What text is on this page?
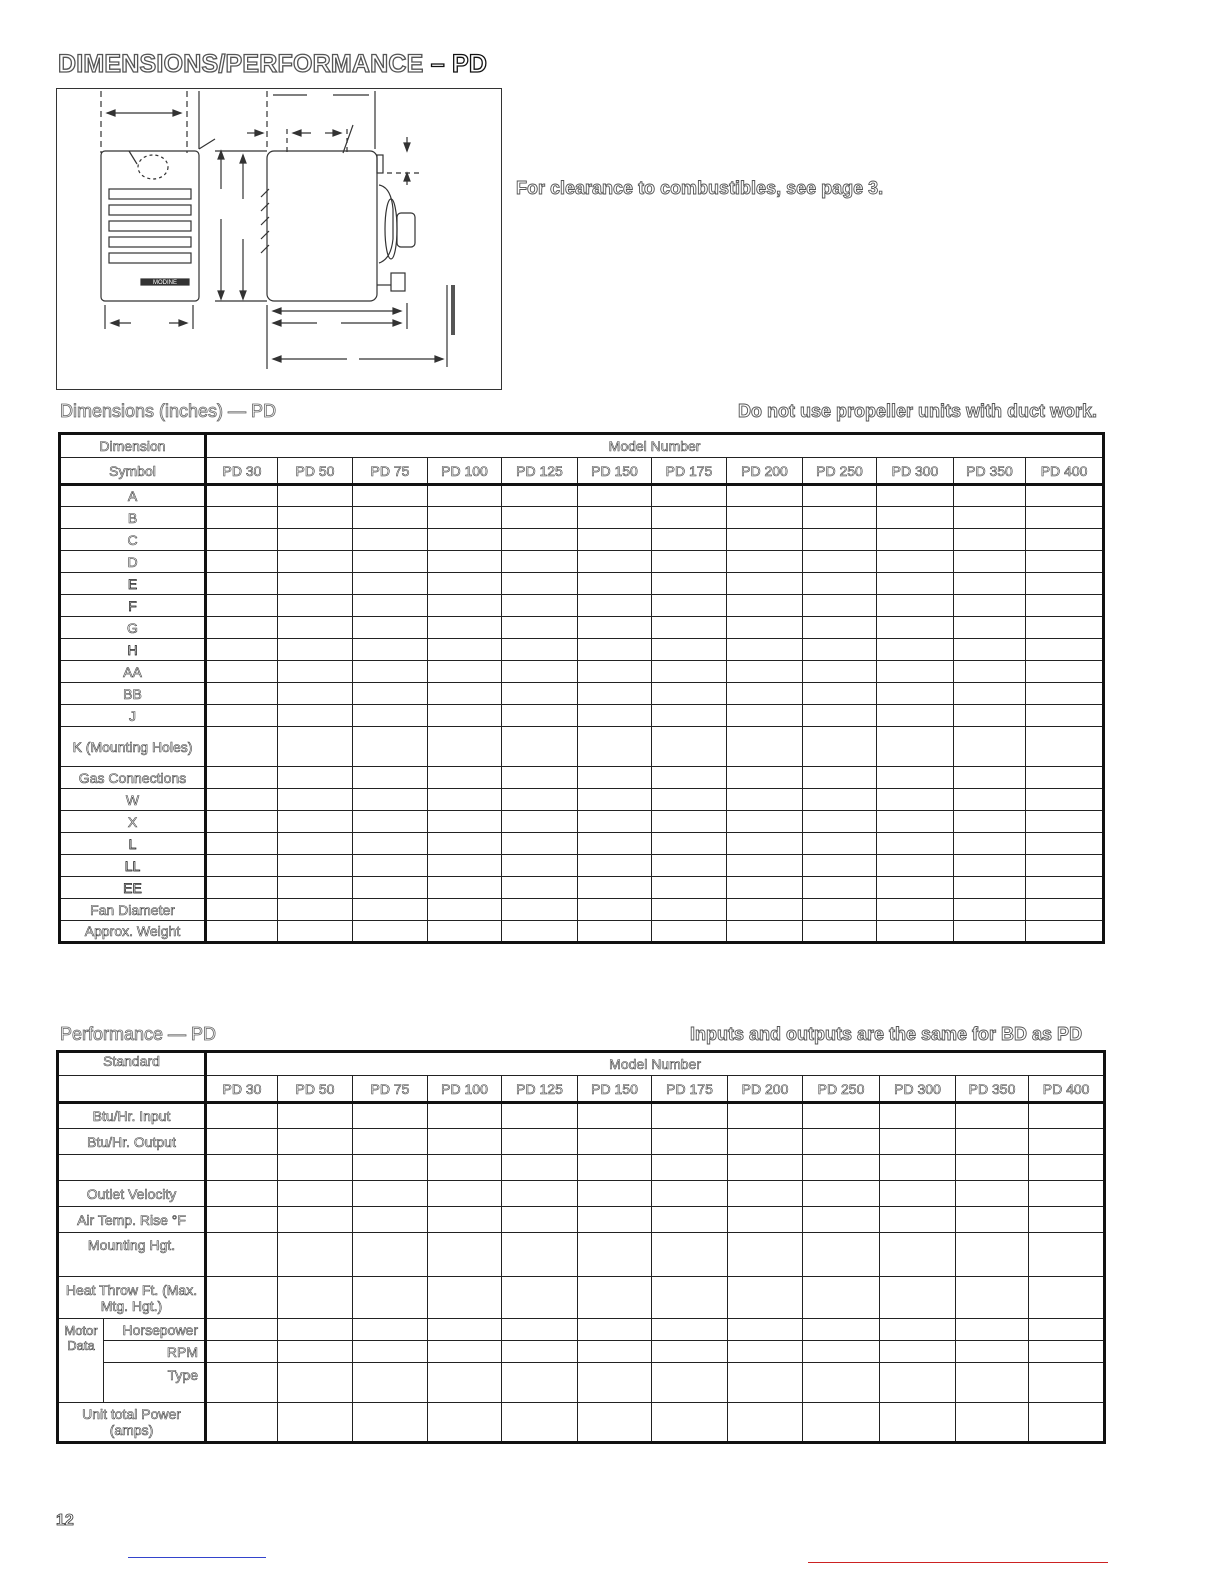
DIMENSIONS/PERFORMANCE – PD
MODINE
For clearance to combustibles, see page 3.
Dimensions (inches) — PD	Do not use propeller units with duct work.
Dimension	Model Number											
Symbol	PD 30	PD 50	PD 75	PD 100	PD 125	PD 150	PD 175	PD 200	PD 250	PD 300	PD 350	PD 400
A												
B												
C												
D												
E												
F												
G												
H												
AA												
BB												
J												
K (Mounting Holes)												
Gas Connections												
W												
X												
L												
LL												
EE												
Fan Diameter												
Approx. Weight												
Performance — PD	Inputs and outputs are the same for BD as PD
Standard		Model Number											
		PD 30	PD 50	PD 75	PD 100	PD 125	PD 150	PD 175	PD 200	PD 250	PD 300	PD 350	PD 400
Btu/Hr. Input													
Btu/Hr. Output													

Outlet Velocity													
Air Temp. Rise °F													
Mounting Hgt.													
Heat Throw Ft. (Max. Mtg. Hgt.)													
Motor Data	Horsepower												
	RPM												
	Type												
Unit total Power (amps)													
12
